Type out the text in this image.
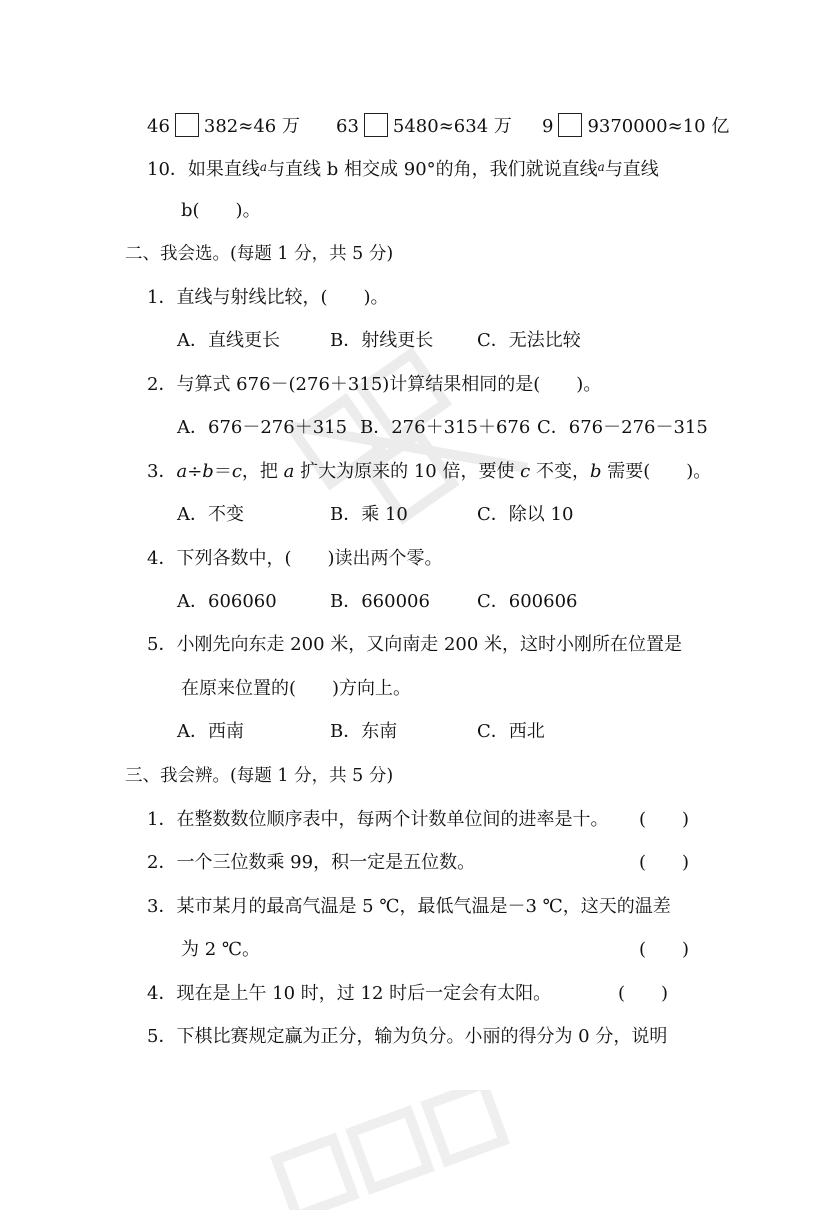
46 382≈46 万 63 5480≈634 万 9 9370000≈10 亿
10．如果直线a与直线 b 相交成 90°的角，我们就说直线a与直线
b(　　)。
二、我会选。(每题 1 分，共 5 分)
1．直线与射线比较，(　　)。
A．直线更长	B．射线更长 C．无法比较
2．与算式 676－(276＋315)计算结果相同的是(　　)。
A．676－276＋315 B．276＋315＋676 C．676－276－315
3．a÷b＝c，把 a 扩大为原来的 10 倍，要使 c 不变，b 需要(　　)。
A．不变	B．乘 10	C．除以 10
4．下列各数中，(　　)读出两个零。
A．606060	B．660006	C．600606
5．小刚先向东走 200 米，又向南走 200 米，这时小刚所在位置是
在原来位置的(　　)方向上。
A．西南	B．东南	C．西北
三、我会辨。(每题 1 分，共 5 分)
1．在整数数位顺序表中，每两个计数单位间的进率是十。 (　　)
2．一个三位数乘 99，积一定是五位数。	(　　)
3．某市某月的最高气温是 5 ℃，最低气温是－3 ℃，这天的温差
为 2 ℃。	(　　)
4．现在是上午 10 时，过 12 时后一定会有太阳。	(　　)
5．下棋比赛规定赢为正分，输为负分。小丽的得分为 0 分，说明
